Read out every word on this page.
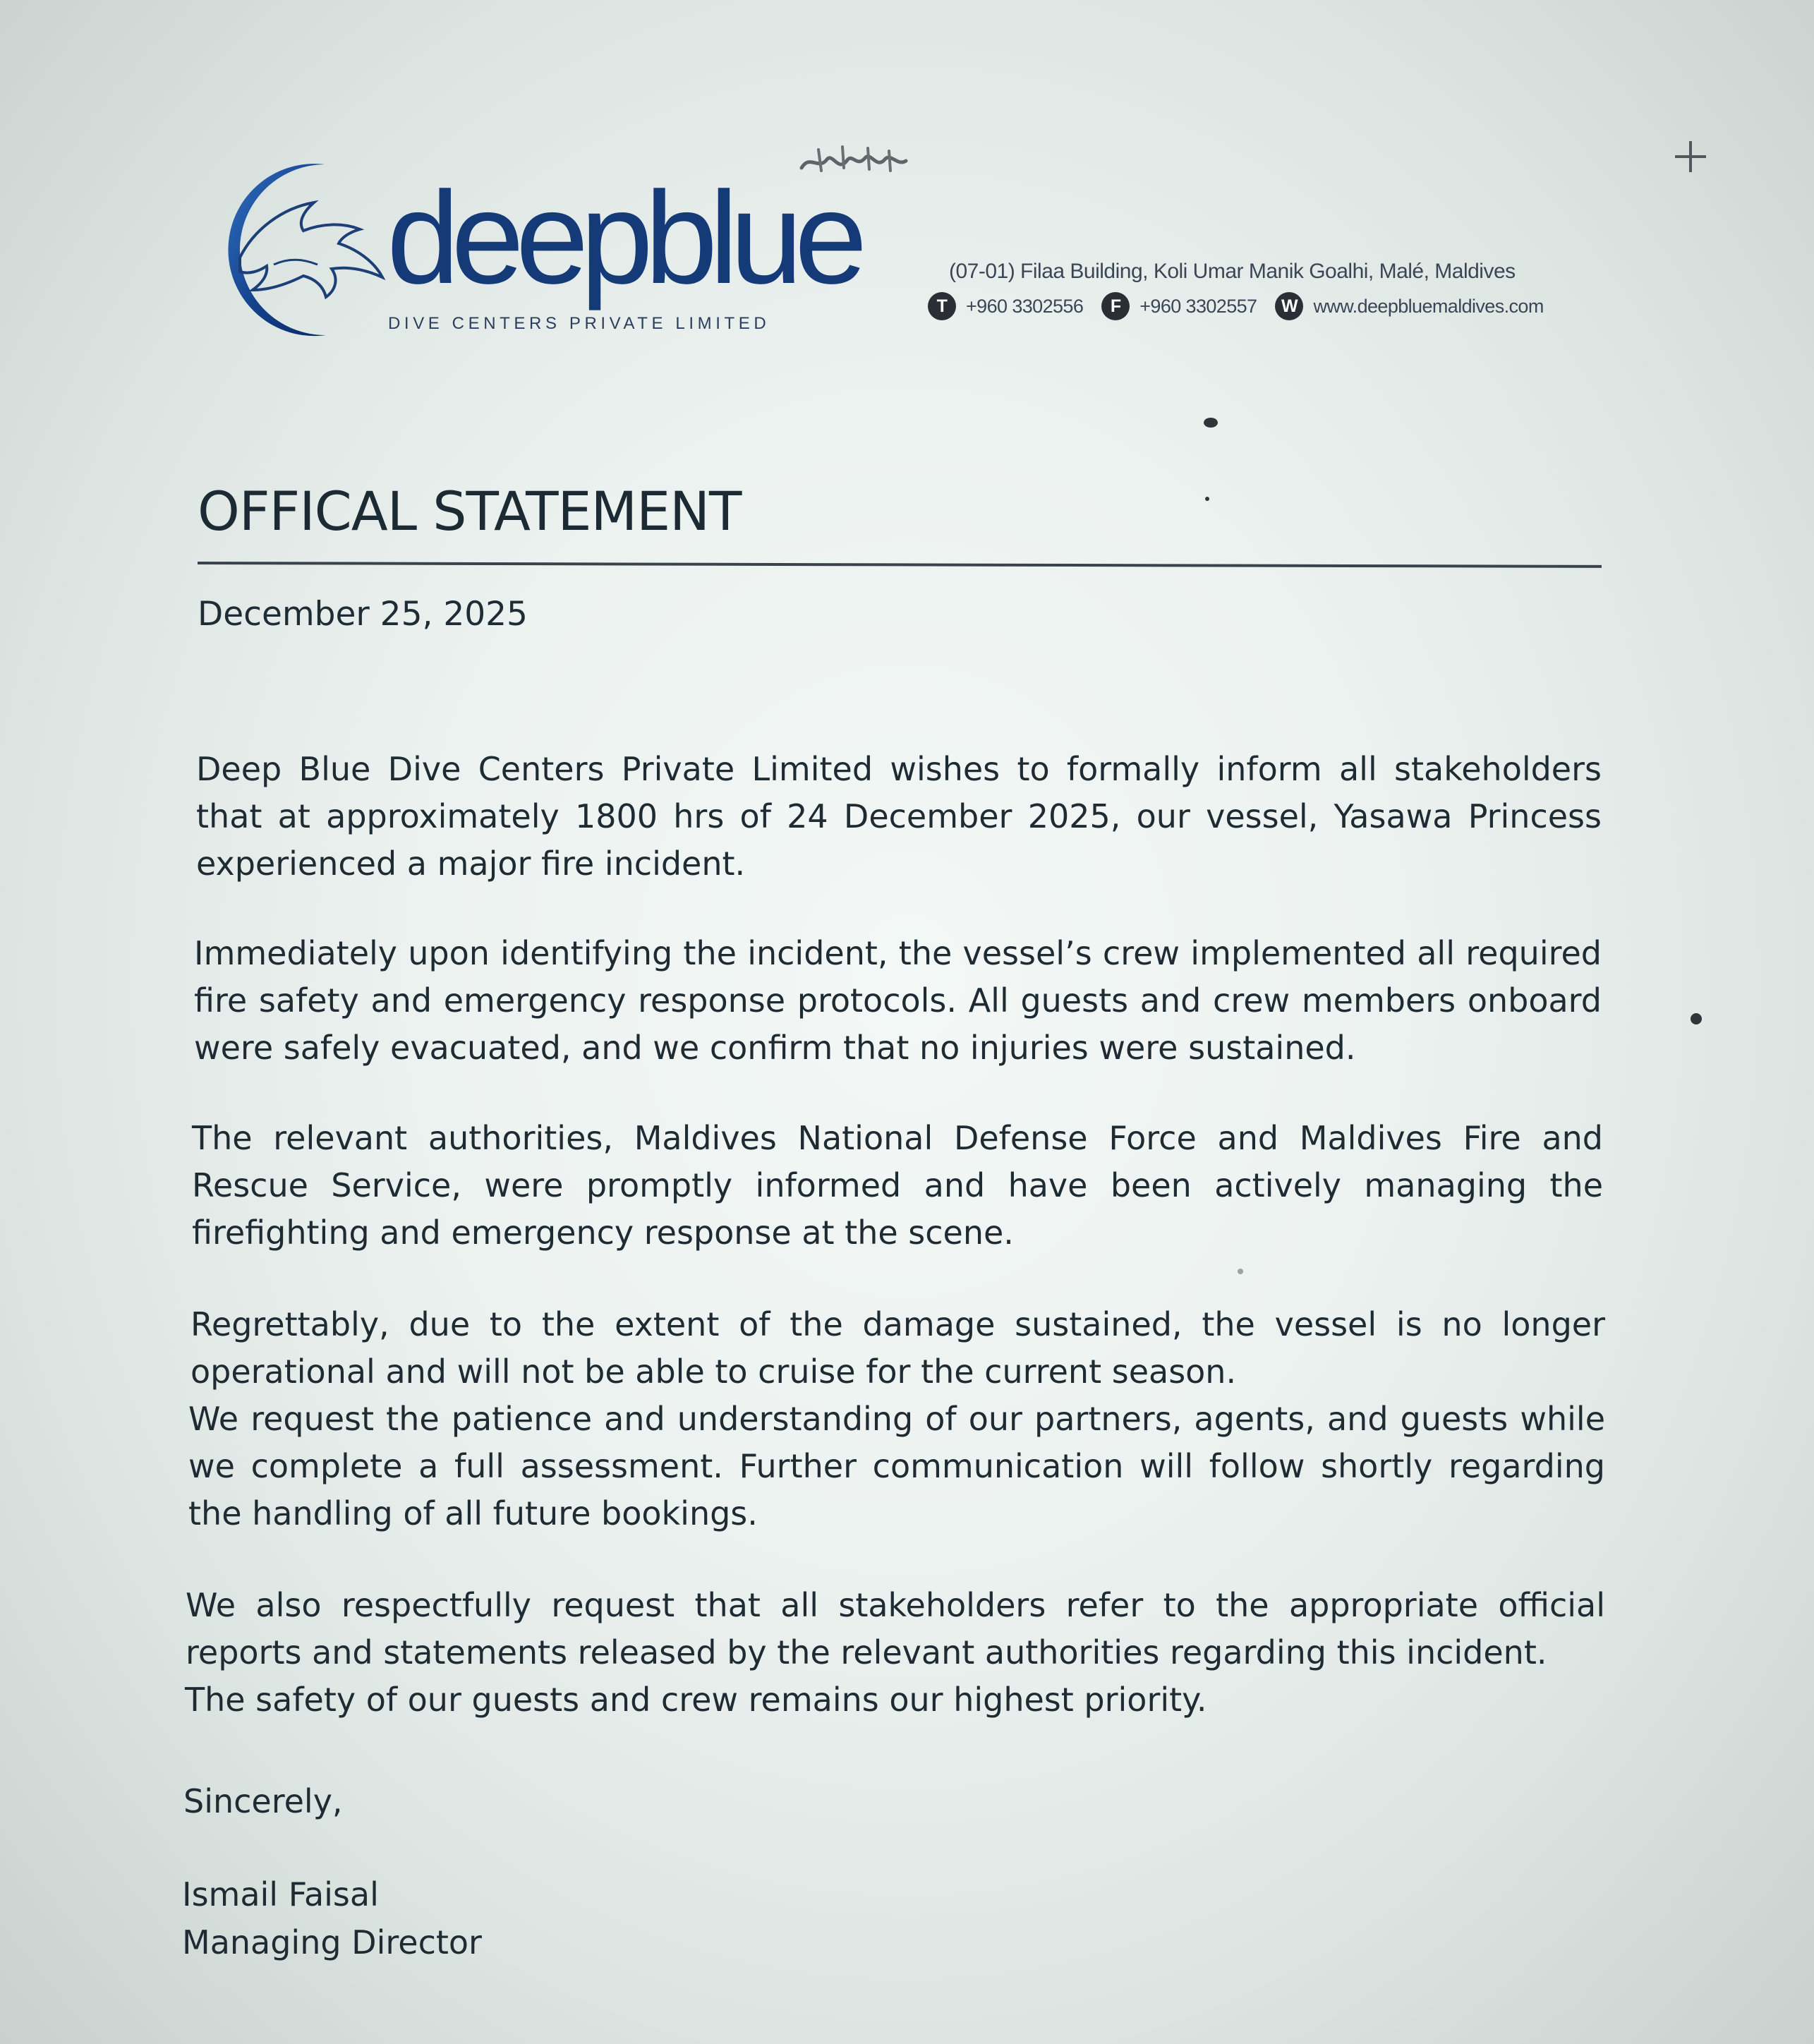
deepblue
DIVE CENTERS PRIVATE LIMITED
(07-01) Filaa Building, Koli Umar Manik Goalhi, Malé, Maldives
T +960 3302556	F +960 3302557	W www.deepbluemaldives.com
OFFICAL STATEMENT
December 25, 2025

Deep Blue Dive Centers Private Limited wishes to formally inform all stakeholders that at approximately 1800 hrs of 24 December 2025, our vessel, Yasawa Princess experienced a major fire incident.

Immediately upon identifying the incident, the vessel’s crew implemented all required fire safety and emergency response protocols. All guests and crew members onboard were safely evacuated, and we confirm that no injuries were sustained.

The relevant authorities, Maldives National Defense Force and Maldives Fire and Rescue Service, were promptly informed and have been actively managing the firefighting and emergency response at the scene.

Regrettably, due to the extent of the damage sustained, the vessel is no longer operational and will not be able to cruise for the current season.

We request the patience and understanding of our partners, agents, and guests while we complete a full assessment. Further communication will follow shortly regarding the handling of all future bookings.

We also respectfully request that all stakeholders refer to the appropriate official reports and statements released by the relevant authorities regarding this incident.

The safety of our guests and crew remains our highest priority.

Sincerely,

Ismail Faisal

Managing Director
